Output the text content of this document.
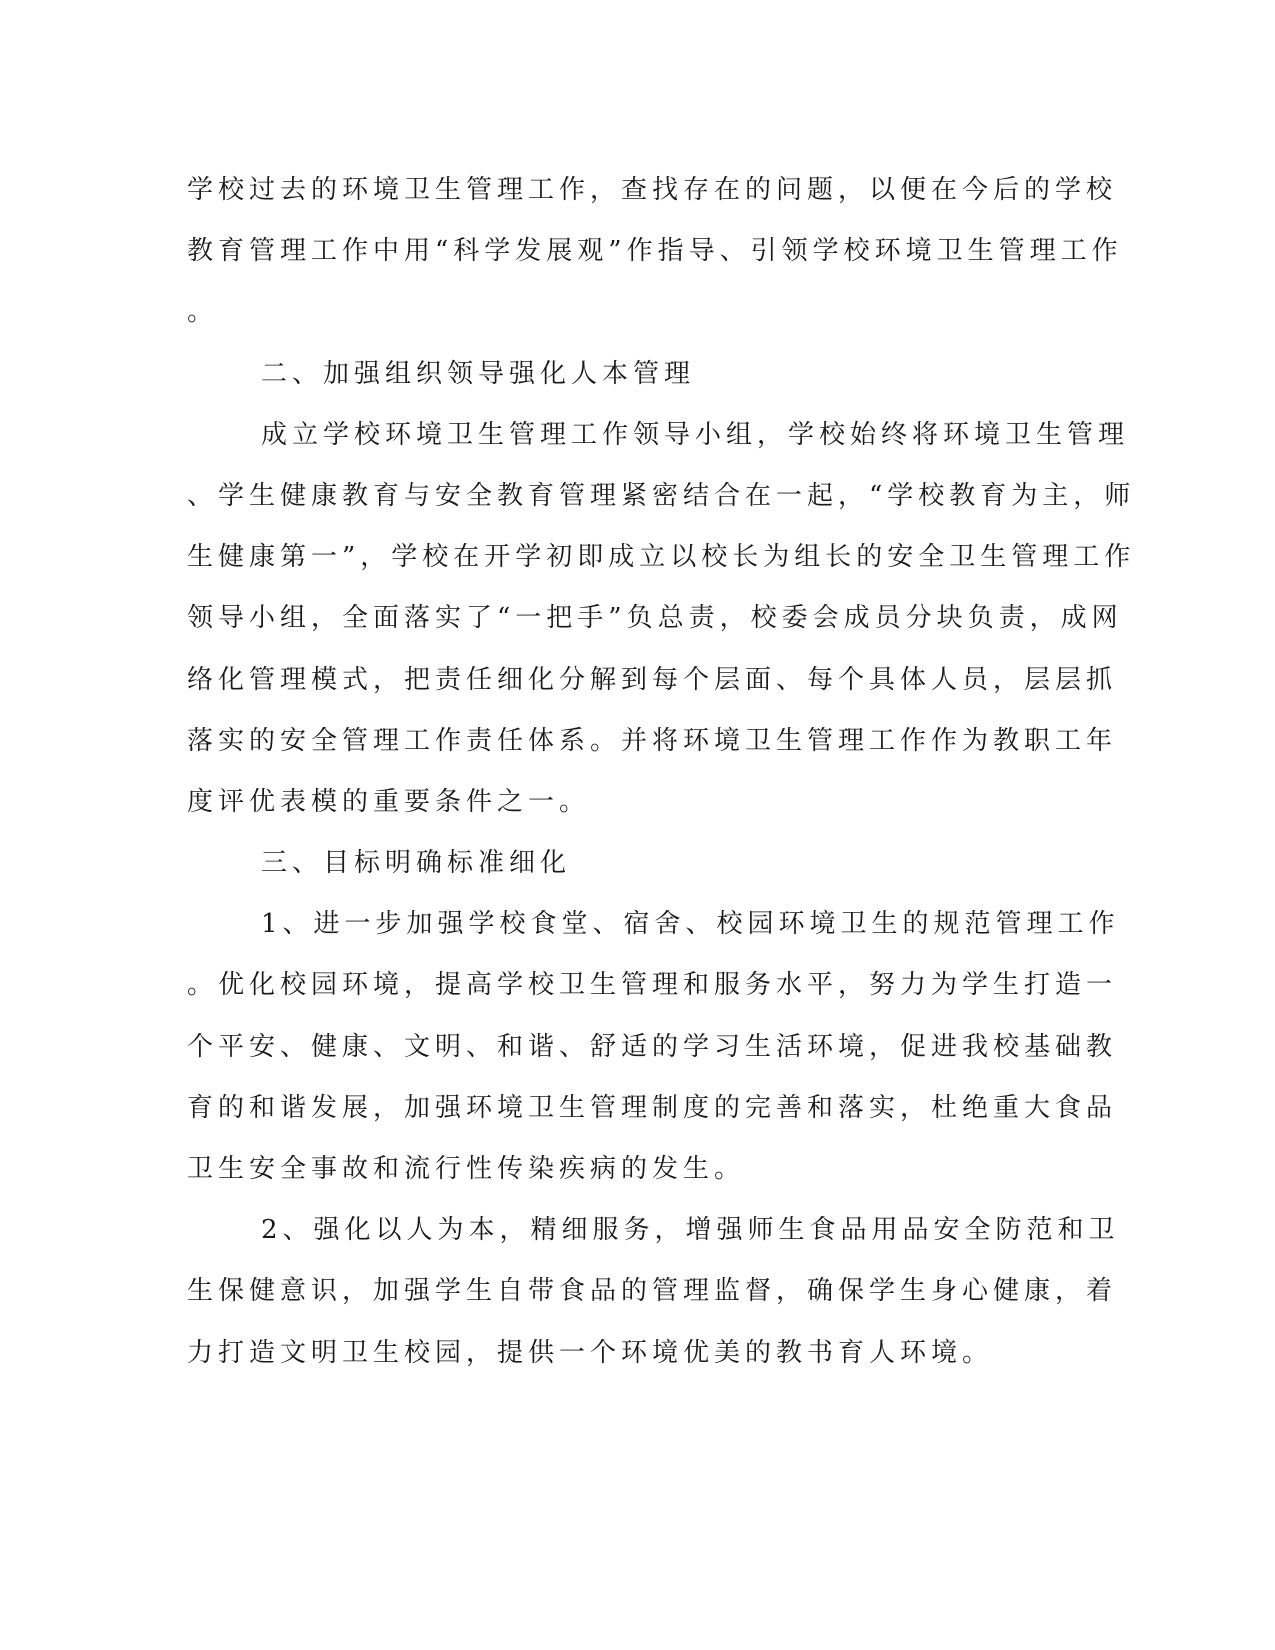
学校过去的环境卫生管理工作，查找存在的问题，以便在今后的学校
教育管理工作中用“科学发展观”作指导、引领学校环境卫生管理工作
。
二、加强组织领导强化人本管理
成立学校环境卫生管理工作领导小组，学校始终将环境卫生管理
、学生健康教育与安全教育管理紧密结合在一起，“学校教育为主，师
生健康第一”，学校在开学初即成立以校长为组长的安全卫生管理工作
领导小组，全面落实了“一把手”负总责，校委会成员分块负责，成网
络化管理模式，把责任细化分解到每个层面、每个具体人员，层层抓
落实的安全管理工作责任体系。并将环境卫生管理工作作为教职工年
度评优表模的重要条件之一。
三、目标明确标准细化
1、进一步加强学校食堂、宿舍、校园环境卫生的规范管理工作
。优化校园环境，提高学校卫生管理和服务水平，努力为学生打造一
个平安、健康、文明、和谐、舒适的学习生活环境，促进我校基础教
育的和谐发展，加强环境卫生管理制度的完善和落实，杜绝重大食品
卫生安全事故和流行性传染疾病的发生。
2、强化以人为本，精细服务，增强师生食品用品安全防范和卫
生保健意识，加强学生自带食品的管理监督，确保学生身心健康，着
力打造文明卫生校园，提供一个环境优美的教书育人环境。
